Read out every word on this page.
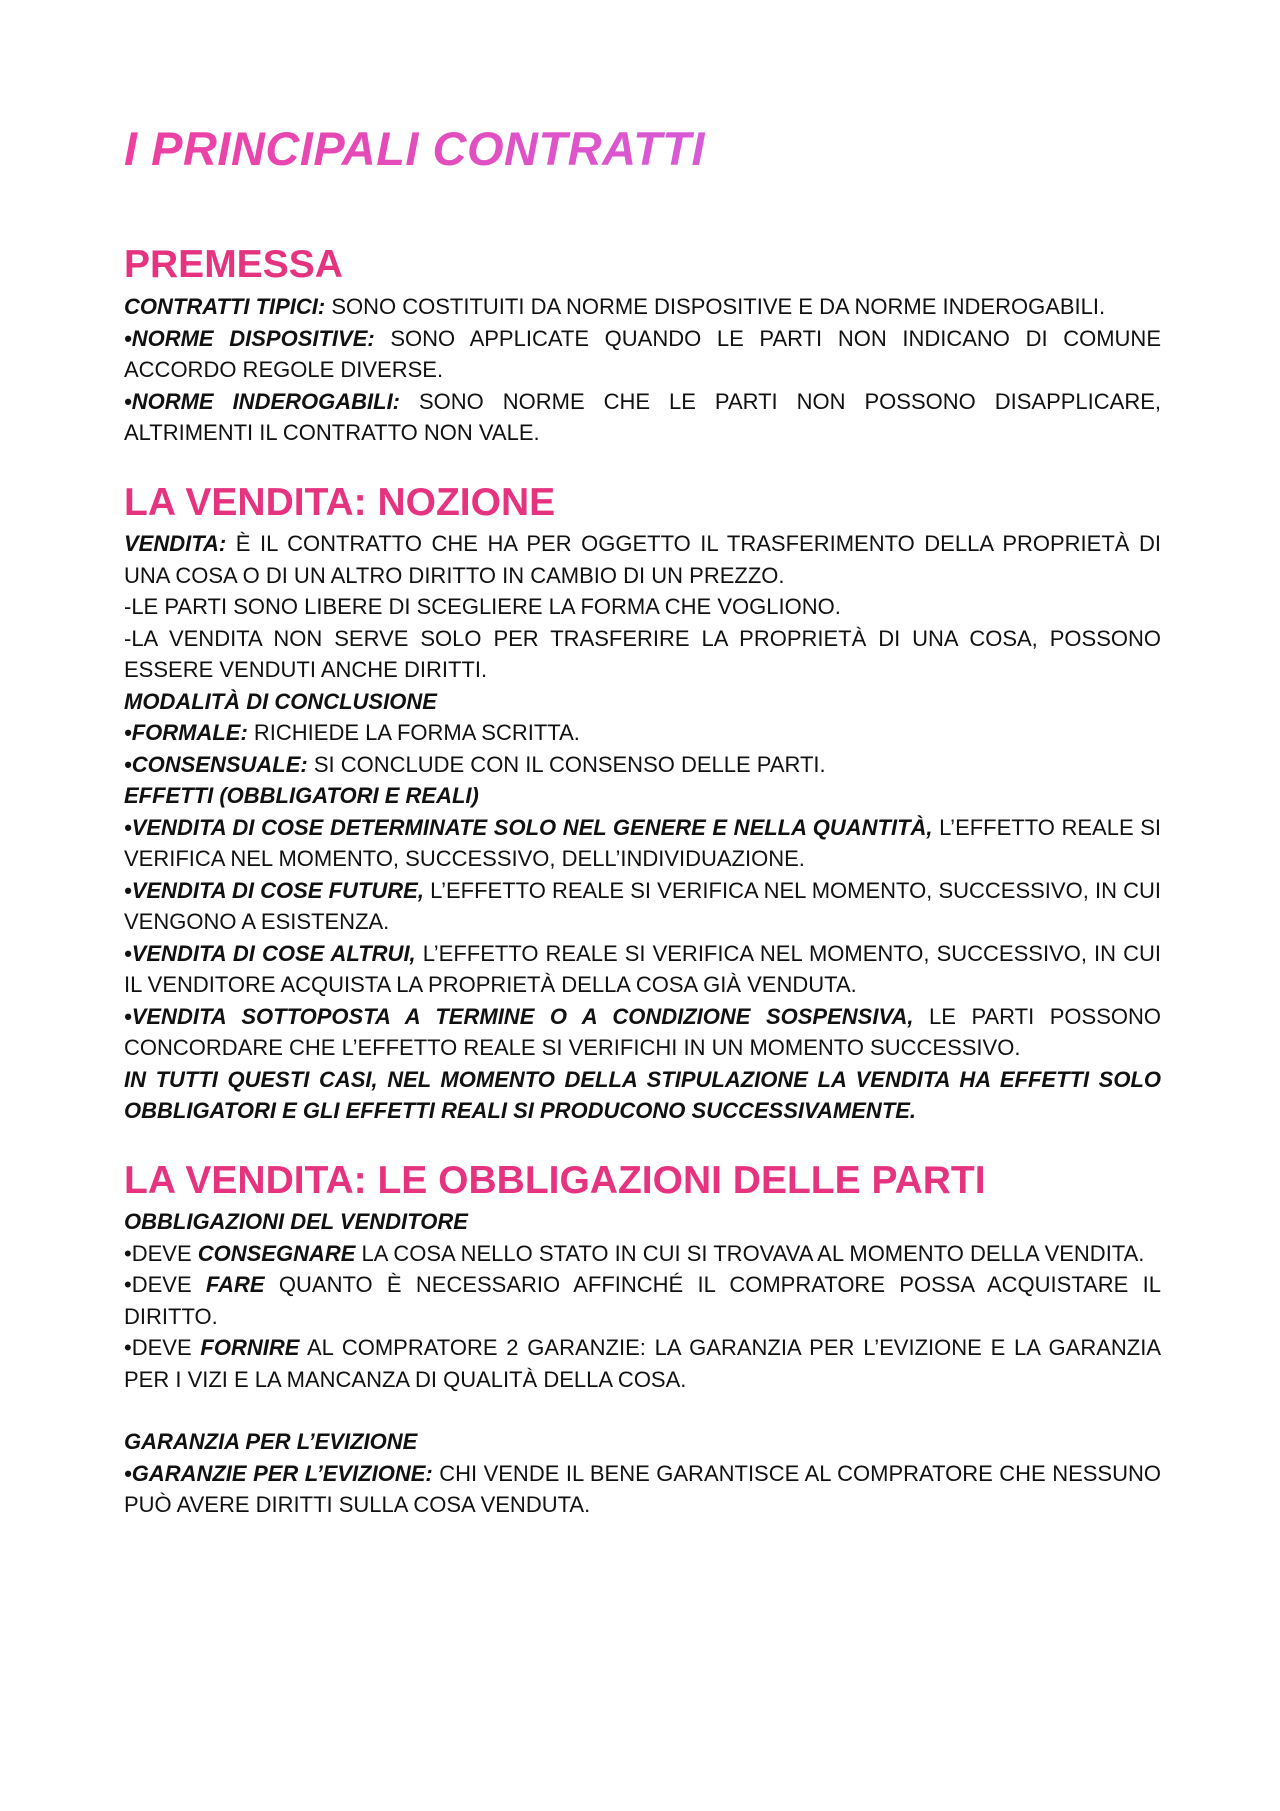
I PRINCIPALI CONTRATTI
PREMESSA

CONTRATTI TIPICI: SONO COSTITUITI DA NORME DISPOSITIVE E DA NORME INDEROGABILI.

•NORME DISPOSITIVE: SONO APPLICATE QUANDO LE PARTI NON INDICANO DI COMUNE ACCORDO REGOLE DIVERSE.

•NORME INDEROGABILI: SONO NORME CHE LE PARTI NON POSSONO DISAPPLICARE, ALTRIMENTI IL CONTRATTO NON VALE.

LA VENDITA: NOZIONE

VENDITA: È IL CONTRATTO CHE HA PER OGGETTO IL TRASFERIMENTO DELLA PROPRIETÀ DI UNA COSA O DI UN ALTRO DIRITTO IN CAMBIO DI UN PREZZO.

-LE PARTI SONO LIBERE DI SCEGLIERE LA FORMA CHE VOGLIONO.

-LA VENDITA NON SERVE SOLO PER TRASFERIRE LA PROPRIETÀ DI UNA COSA, POSSONO ESSERE VENDUTI ANCHE DIRITTI.

MODALITÀ DI CONCLUSIONE

•FORMALE: RICHIEDE LA FORMA SCRITTA.

•CONSENSUALE: SI CONCLUDE CON IL CONSENSO DELLE PARTI.

EFFETTI (OBBLIGATORI E REALI)

•VENDITA DI COSE DETERMINATE SOLO NEL GENERE E NELLA QUANTITÀ, L’EFFETTO REALE SI VERIFICA NEL MOMENTO, SUCCESSIVO, DELL’INDIVIDUAZIONE.

•VENDITA DI COSE FUTURE, L’EFFETTO REALE SI VERIFICA NEL MOMENTO, SUCCESSIVO, IN CUI VENGONO A ESISTENZA.

•VENDITA DI COSE ALTRUI, L’EFFETTO REALE SI VERIFICA NEL MOMENTO, SUCCESSIVO, IN CUI IL VENDITORE ACQUISTA LA PROPRIETÀ DELLA COSA GIÀ VENDUTA.

•VENDITA SOTTOPOSTA A TERMINE O A CONDIZIONE SOSPENSIVA, LE PARTI POSSONO CONCORDARE CHE L’EFFETTO REALE SI VERIFICHI IN UN MOMENTO SUCCESSIVO.

IN TUTTI QUESTI CASI, NEL MOMENTO DELLA STIPULAZIONE LA VENDITA HA EFFETTI SOLO OBBLIGATORI E GLI EFFETTI REALI SI PRODUCONO SUCCESSIVAMENTE.

LA VENDITA: LE OBBLIGAZIONI DELLE PARTI

OBBLIGAZIONI DEL VENDITORE

•DEVE CONSEGNARE LA COSA NELLO STATO IN CUI SI TROVAVA AL MOMENTO DELLA VENDITA.

•DEVE FARE QUANTO È NECESSARIO AFFINCHÉ IL COMPRATORE POSSA ACQUISTARE IL DIRITTO.

•DEVE FORNIRE AL COMPRATORE 2 GARANZIE: LA GARANZIA PER L’EVIZIONE E LA GARANZIA PER I VIZI E LA MANCANZA DI QUALITÀ DELLA COSA.

GARANZIA PER L’EVIZIONE

•GARANZIE PER L’EVIZIONE: CHI VENDE IL BENE GARANTISCE AL COMPRATORE CHE NESSUNO PUÒ AVERE DIRITTI SULLA COSA VENDUTA.
